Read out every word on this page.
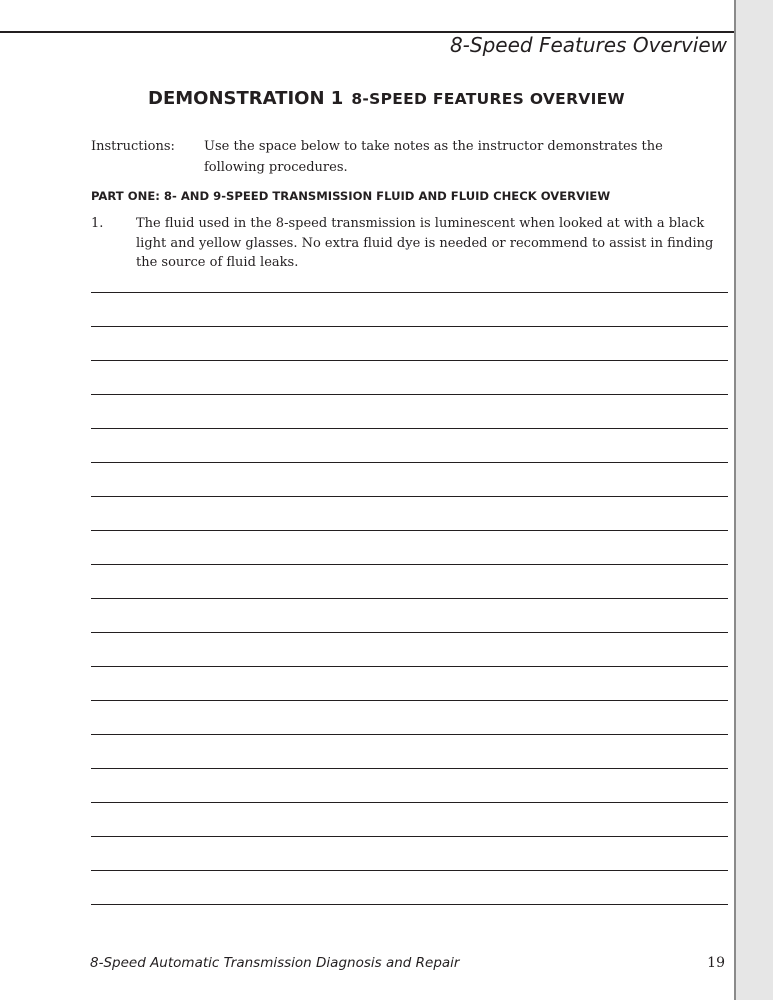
8-Speed Features Overview
DEMONSTRATION 1 8-SPEED FEATURES OVERVIEW
Instructions: Use the space below to take notes as the instructor demonstrates the following procedures.
PART ONE: 8- AND 9-SPEED TRANSMISSION FLUID AND FLUID CHECK OVERVIEW
1.	The fluid used in the 8-speed transmission is luminescent when looked at with a black light and yellow glasses. No extra fluid dye is needed or recommend to assist in finding the source of fluid leaks.
8-Speed Automatic Transmission Diagnosis and Repair	19
